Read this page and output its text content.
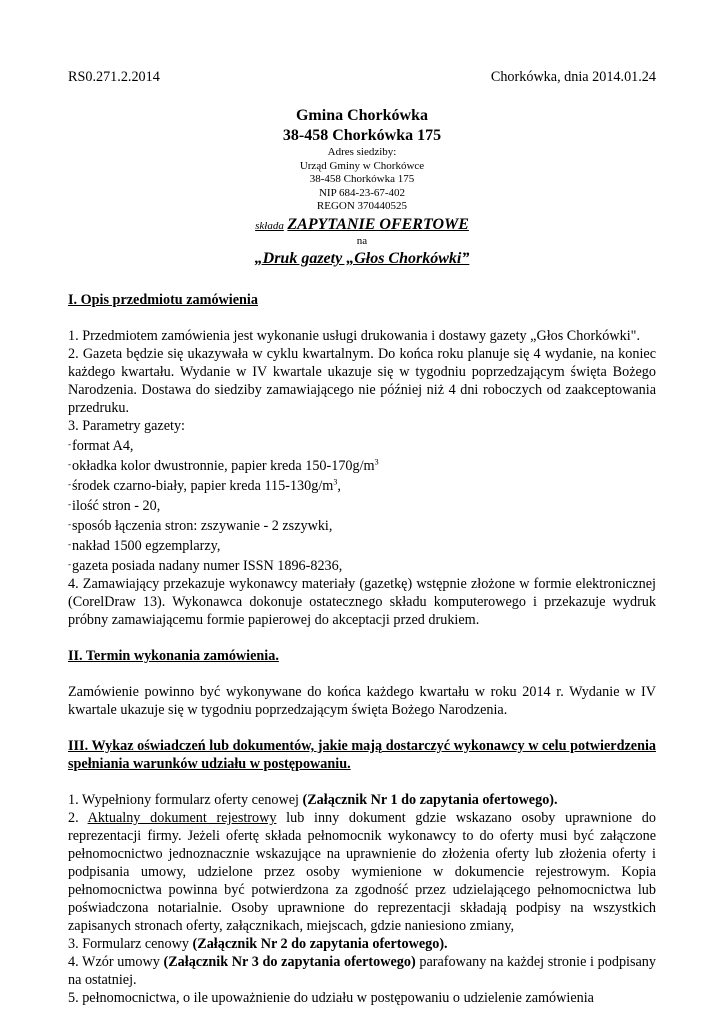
RS0.271.2.2014	Chorkówka, dnia 2014.01.24
Gmina Chorkówka
38-458 Chorkówka 175
Adres siedziby:
Urząd Gminy w Chorkówce
38-458 Chorkówka 175
NIP 684-23-67-402
REGON 370440525
składa ZAPYTANIE OFERTOWE
na
„Druk gazety „Głos Chorkówki”
I. Opis przedmiotu zamówienia

1. Przedmiotem zamówienia jest wykonanie usługi drukowania i dostawy gazety „Głos Chorkówki".

2. Gazeta będzie się ukazywała w cyklu kwartalnym. Do końca roku planuje się 4 wydanie, na koniec każdego kwartału. Wydanie w IV kwartale ukazuje się w tygodniu poprzedzającym święta Bożego Narodzenia. Dostawa do siedziby zamawiającego nie później niż 4 dni roboczych od zaakceptowania przedruku.

3. Parametry gazety:

- format A4,
- okładka kolor dwustronnie, papier kreda $150-170g/m^3$
- środek czarno-biały, papier kreda $115-130g/m^3$,
- ilość stron - 20,
- sposób łączenia stron: zszywanie - 2 zszywki,
- nakład 1500 egzemplarzy,
- gazeta posiada nadany numer ISSN 1896-8236,

4. Zamawiający przekazuje wykonawcy materiały (gazetkę) wstępnie złożone w formie elektronicznej (CorelDraw 13). Wykonawca dokonuje ostatecznego składu komputerowego i przekazuje wydruk próbny zamawiającemu formie papierowej do akceptacji przed drukiem.

II. Termin wykonania zamówienia.

Zamówienie powinno być wykonywane do końca każdego kwartału w roku 2014 r. Wydanie w IV kwartale ukazuje się w tygodniu poprzedzającym święta Bożego Narodzenia.

III. Wykaz oświadczeń lub dokumentów, jakie mają dostarczyć wykonawcy w celu potwierdzenia spełniania warunków udziału w postępowaniu.

1. Wypełniony formularz oferty cenowej (Załącznik Nr 1 do zapytania ofertowego).

2. Aktualny dokument rejestrowy lub inny dokument gdzie wskazano osoby uprawnione do reprezentacji firmy. Jeżeli ofertę składa pełnomocnik wykonawcy to do oferty musi być załączone pełnomocnictwo jednoznacznie wskazujące na uprawnienie do złożenia oferty lub złożenia oferty i podpisania umowy, udzielone przez osoby wymienione w dokumencie rejestrowym. Kopia pełnomocnictwa powinna być potwierdzona za zgodność przez udzielającego pełnomocnictwa lub poświadczona notarialnie. Osoby uprawnione do reprezentacji składają podpisy na wszystkich zapisanych stronach oferty, załącznikach, miejscach, gdzie naniesiono zmiany,

3. Formularz cenowy (Załącznik Nr 2 do zapytania ofertowego).

4. Wzór umowy (Załącznik Nr 3 do zapytania ofertowego) parafowany na każdej stronie i podpisany na ostatniej.

5. pełnomocnictwa, o ile upoważnienie do udziału w postępowaniu o udzielenie zamówienia
